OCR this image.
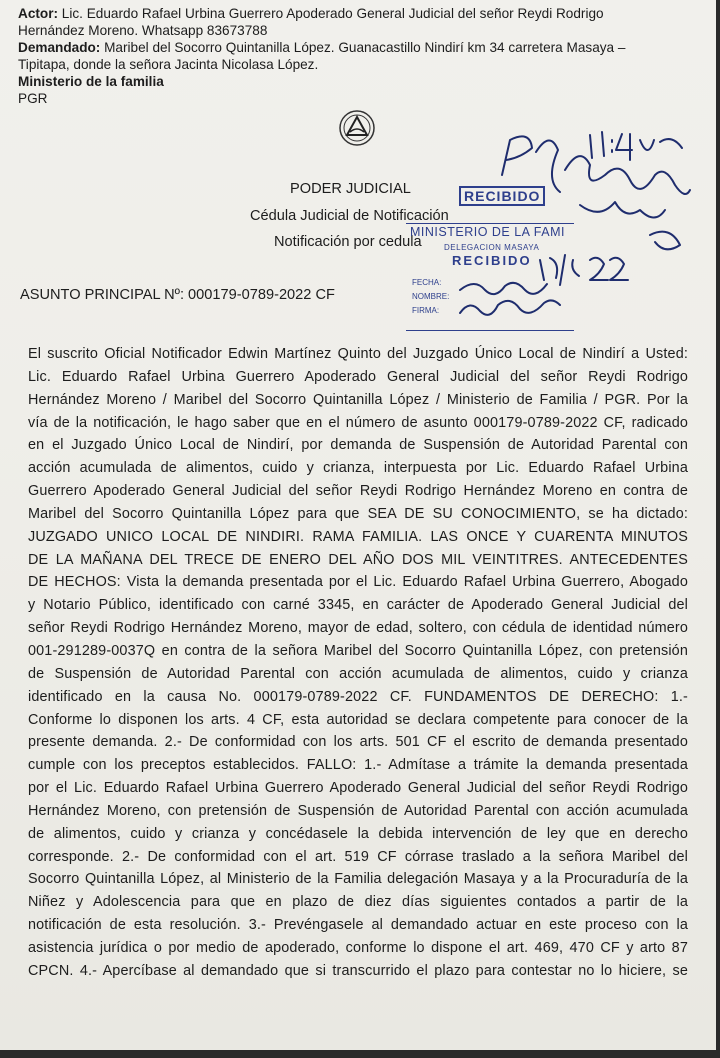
Actor: Lic. Eduardo Rafael Urbina Guerrero Apoderado General Judicial del señor Reydi Rodrigo
Hernández Moreno. Whatsapp 83673788
Demandado: Maribel del Socorro Quintanilla López. Guanacastillo Nindirí km 34 carretera Masaya –
Tipitapa, donde la señora Jacinta Nicolasa López.
Ministerio de la familia
PGR
PODER JUDICIAL
Cédula Judicial de Notificación
Notificación por cedula
ASUNTO PRINCIPAL Nº: 000179-0789-2022 CF
RECIBIDO
MINISTERIO DE LA FAMI
DELEGACION MASAYA
RECIBIDO
FECHA:
NOMBRE:
FIRMA:
El suscrito Oficial Notificador Edwin Martínez Quinto del Juzgado Único Local de Nindirí a Usted:
Lic. Eduardo Rafael Urbina Guerrero Apoderado General Judicial del señor Reydi Rodrigo
Hernández Moreno / Maribel del Socorro Quintanilla López / Ministerio de Familia / PGR. Por la
vía de la notificación, le hago saber que en el número de asunto 000179-0789-2022 CF, radicado
en el Juzgado Único Local de Nindirí, por demanda de Suspensión de Autoridad Parental con
acción acumulada de alimentos, cuido y crianza, interpuesta por Lic. Eduardo Rafael Urbina
Guerrero Apoderado General Judicial del señor Reydi Rodrigo Hernández Moreno en contra de
Maribel del Socorro Quintanilla López para que SEA DE SU CONOCIMIENTO, se ha dictado:
JUZGADO UNICO LOCAL DE NINDIRI. RAMA FAMILIA. LAS ONCE Y CUARENTA MINUTOS
DE LA MAÑANA DEL TRECE DE ENERO DEL AÑO DOS MIL VEINTITRES. ANTECEDENTES
DE HECHOS: Vista la demanda presentada por el Lic. Eduardo Rafael Urbina Guerrero, Abogado
y Notario Público, identificado con carné 3345, en carácter de Apoderado General Judicial del
señor Reydi Rodrigo Hernández Moreno, mayor de edad, soltero, con cédula de identidad número
001-291289-0037Q en contra de la señora Maribel del Socorro Quintanilla López, con pretensión
de Suspensión de Autoridad Parental con acción acumulada de alimentos, cuido y crianza
identificado en la causa No. 000179-0789-2022 CF. FUNDAMENTOS DE DERECHO: 1.-
Conforme lo disponen los arts. 4 CF, esta autoridad se declara competente para conocer de la
presente demanda. 2.- De conformidad con los arts. 501 CF el escrito de demanda presentado
cumple con los preceptos establecidos. FALLO: 1.- Admítase a trámite la demanda presentada
por el Lic. Eduardo Rafael Urbina Guerrero Apoderado General Judicial del señor Reydi Rodrigo
Hernández Moreno, con pretensión de Suspensión de Autoridad Parental con acción acumulada
de alimentos, cuido y crianza y concédasele la debida intervención de ley que en derecho
corresponde. 2.- De conformidad con el art. 519 CF córrase traslado a la señora Maribel del
Socorro Quintanilla López, al Ministerio de la Familia delegación Masaya y a la Procuraduría de la
Niñez y Adolescencia para que en plazo de diez días siguientes contados a partir de la
notificación de esta resolución. 3.- Prevéngasele al demandado actuar en este proceso con la
asistencia jurídica o por medio de apoderado, conforme lo dispone el art. 469, 470 CF y arto 87
CPCN. 4.- Apercíbase al demandado que si transcurrido el plazo para contestar no lo hiciere, se
